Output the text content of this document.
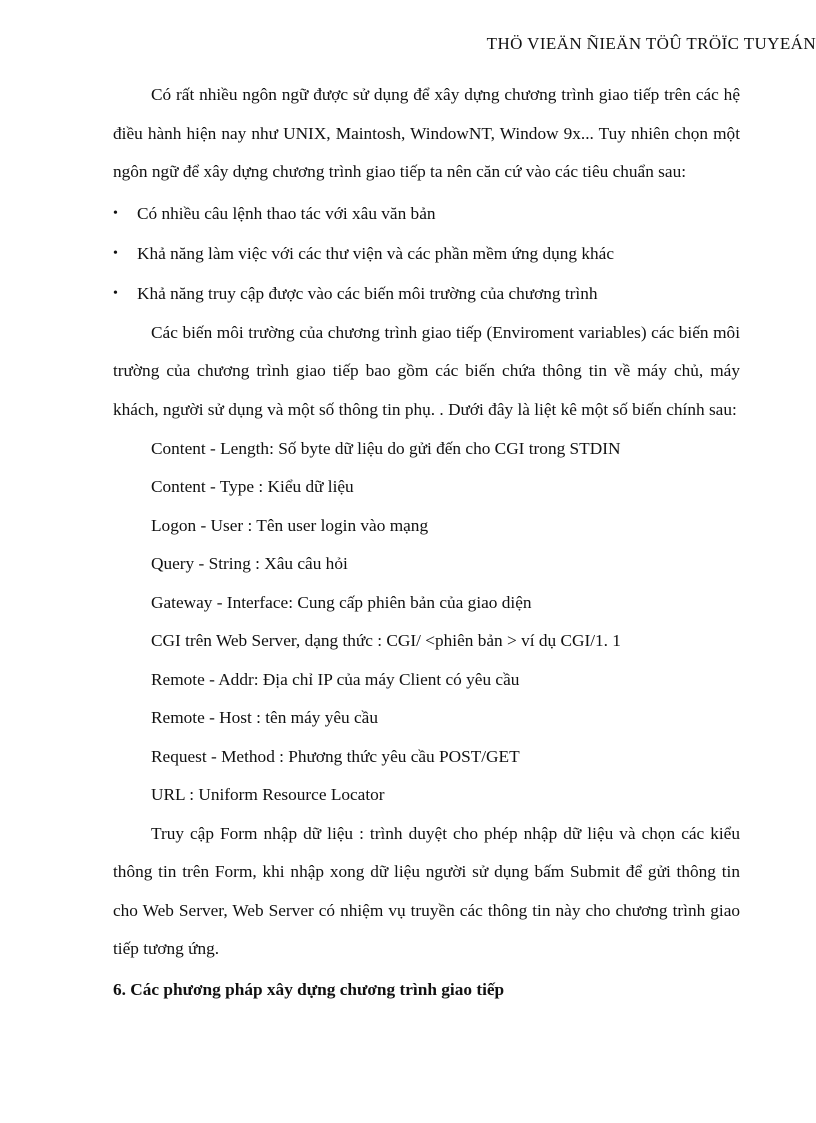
THÖ VIEÄN ÑIEÄN TÖÛ TRÖÏC TUYEÁN

Có rất nhiều ngôn ngữ được sử dụng để xây dựng chương trình giao tiếp trên các hệ điều hành hiện nay như UNIX, Maintosh, WindowNT, Window 9x... Tuy nhiên chọn một ngôn ngữ để xây dựng chương trình giao tiếp ta nên căn cứ vào các tiêu chuẩn sau:

• Có nhiều câu lệnh thao tác với xâu văn bản
• Khả năng làm việc với các thư viện và các phần mềm ứng dụng khác
• Khả năng truy cập được vào các biến môi trường của chương trình

Các biến môi trường của chương trình giao tiếp (Enviroment variables) các biến môi trường của chương trình giao tiếp bao gồm các biến chứa thông tin về máy chủ, máy khách, người sử dụng và một số thông tin phụ. . Dưới đây là liệt kê một số biến chính sau:

Content - Length: Số byte dữ liệu do gửi đến cho CGI trong STDIN
Content - Type : Kiểu dữ liệu
Logon - User : Tên user login vào mạng
Query - String : Xâu câu hỏi
Gateway - Interface: Cung cấp phiên bản của giao diện
CGI trên Web Server, dạng thức : CGI/ <phiên bản > ví dụ CGI/1. 1
Remote - Addr: Địa chỉ IP của máy Client có yêu cầu
Remote - Host : tên máy yêu cầu
Request - Method : Phương thức yêu cầu POST/GET
URL : Uniform Resource Locator

Truy cập Form nhập dữ liệu : trình duyệt cho phép nhập dữ liệu và chọn các kiểu thông tin trên Form, khi nhập xong dữ liệu người sử dụng bấm Submit để gửi thông tin cho Web Server, Web Server có nhiệm vụ truyền các thông tin này cho chương trình giao tiếp tương ứng.

6. Các phương pháp xây dựng chương trình giao tiếp
